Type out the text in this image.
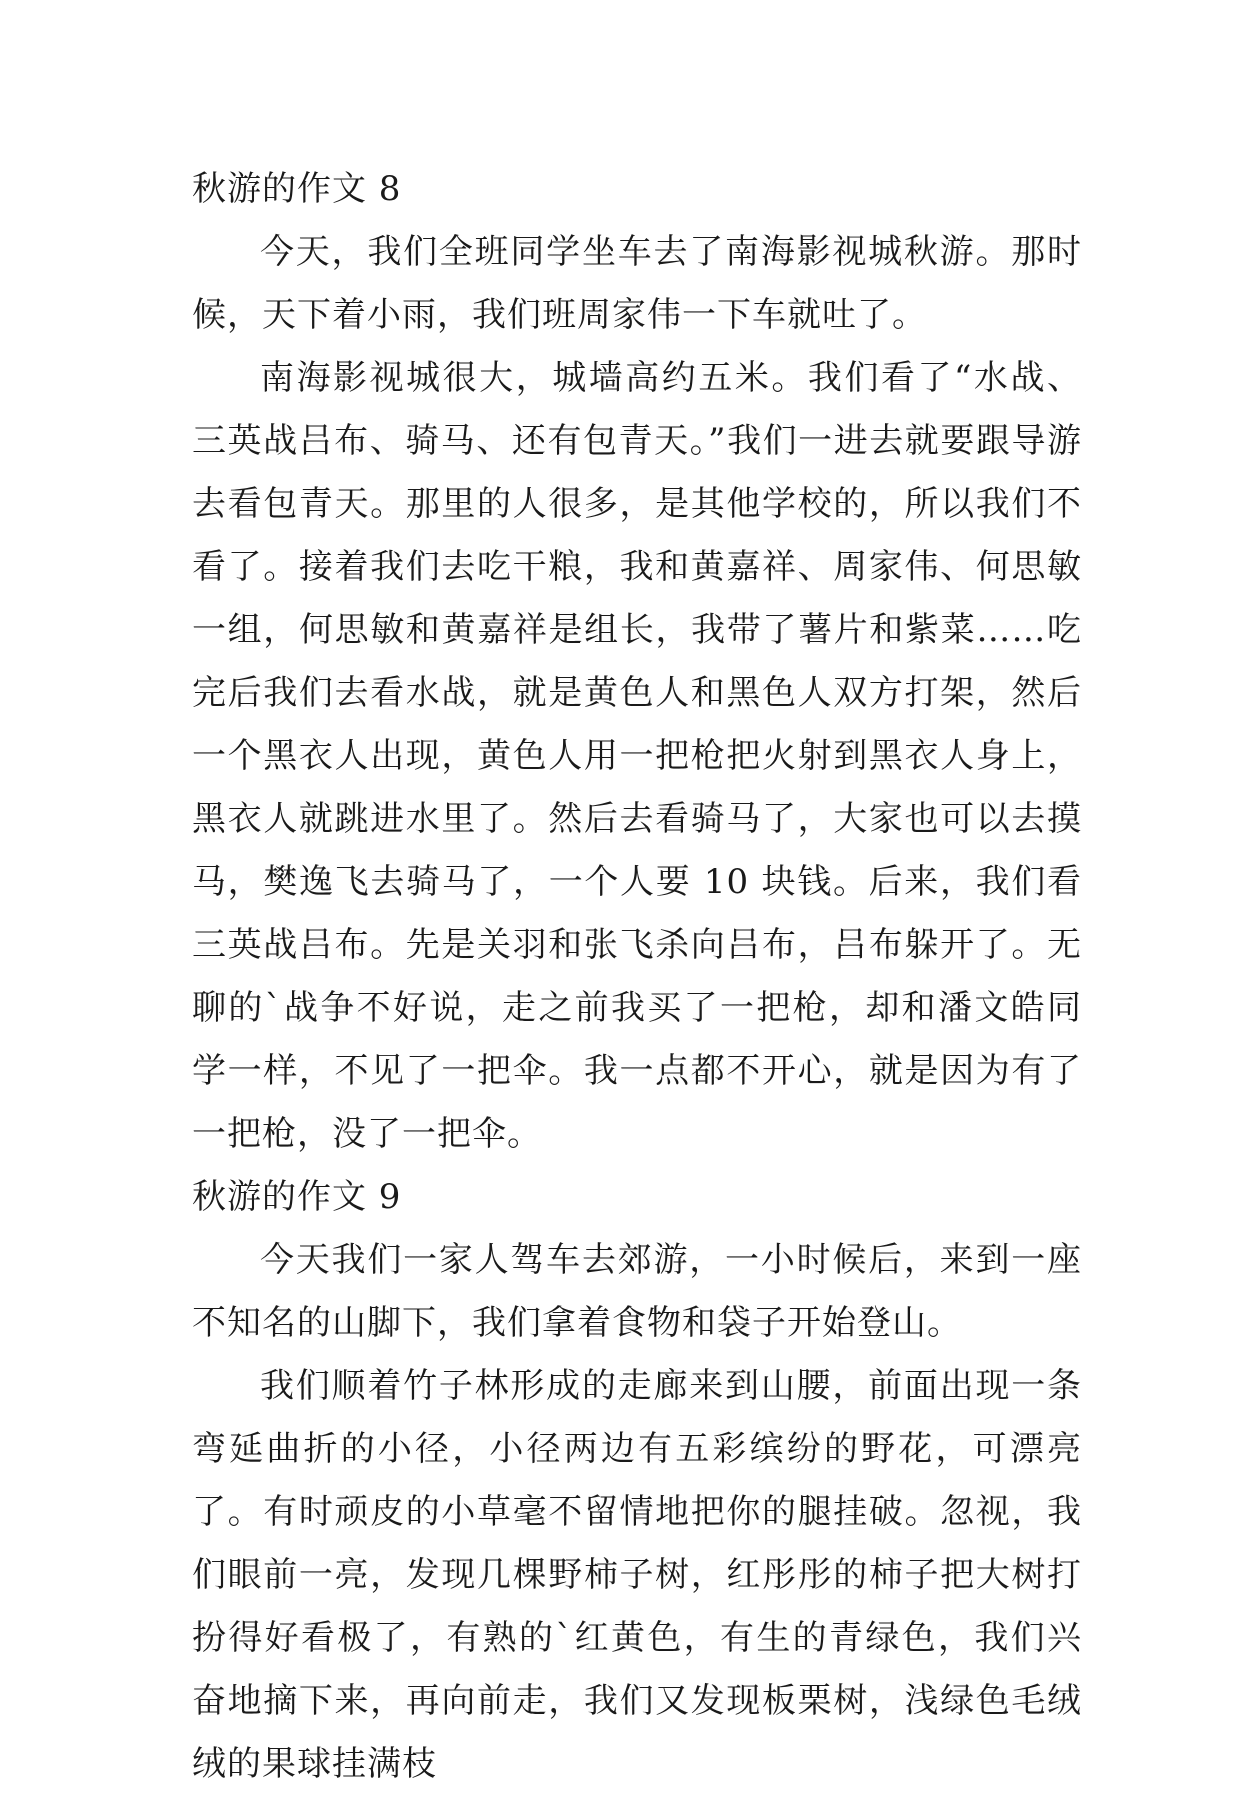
秋游的作文 8

今天，我们全班同学坐车去了南海影视城秋游。那时候，天下着小雨，我们班周家伟一下车就吐了。

南海影视城很大，城墙高约五米。我们看了“水战、三英战吕布、骑马、还有包青天。”我们一进去就要跟导游去看包青天。那里的人很多，是其他学校的，所以我们不看了。接着我们去吃干粮，我和黄嘉祥、周家伟、何思敏一组，何思敏和黄嘉祥是组长，我带了薯片和紫菜……吃完后我们去看水战，就是黄色人和黑色人双方打架，然后一个黑衣人出现，黄色人用一把枪把火射到黑衣人身上，黑衣人就跳进水里了。然后去看骑马了，大家也可以去摸马，樊逸飞去骑马了，一个人要 10 块钱。后来，我们看三英战吕布。先是关羽和张飞杀向吕布，吕布躲开了。无聊的`战争不好说，走之前我买了一把枪，却和潘文皓同学一样，不见了一把伞。我一点都不开心，就是因为有了一把枪，没了一把伞。

秋游的作文 9

今天我们一家人驾车去郊游，一小时候后，来到一座不知名的山脚下，我们拿着食物和袋子开始登山。

我们顺着竹子林形成的走廊来到山腰，前面出现一条弯延曲折的小径，小径两边有五彩缤纷的野花，可漂亮了。有时顽皮的小草毫不留情地把你的腿挂破。忽视，我们眼前一亮，发现几棵野柿子树，红彤彤的柿子把大树打扮得好看极了，有熟的`红黄色，有生的青绿色，我们兴奋地摘下来，再向前走，我们又发现板栗树，浅绿色毛绒绒的果球挂满枝
